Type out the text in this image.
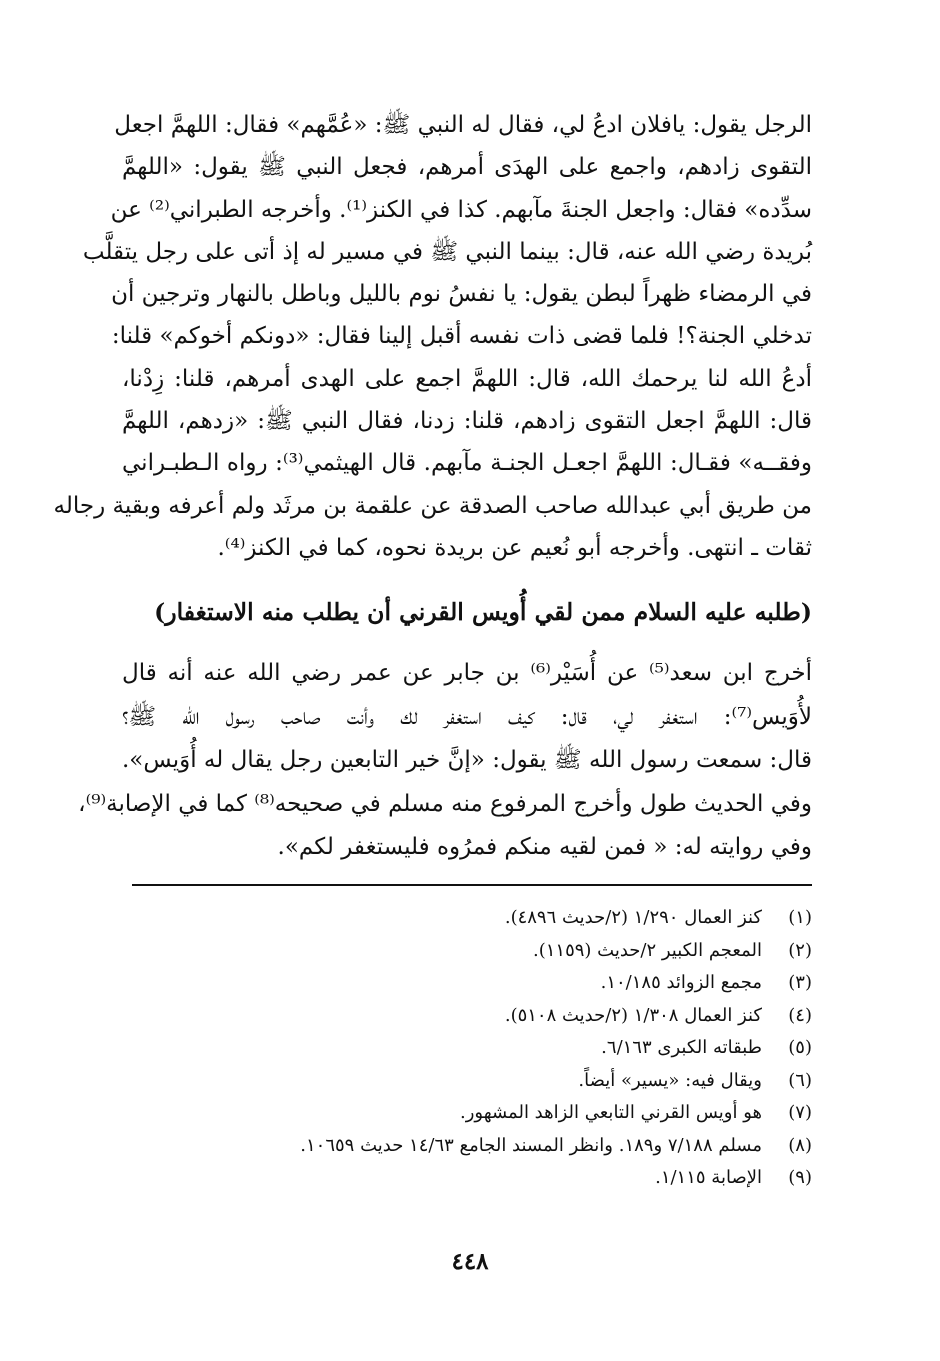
الرجل يقول: يافلان ادعُ لي، فقال له النبي ﷺ: «عُمَّهم» فقال: اللهمَّ اجعل
التقوى زادهم، واجمع على الهدَى أمرهم، فجعل النبي ﷺ يقول: «اللهمَّ
سدِّده» فقال: واجعل الجنةَ مآبهم. كذا في الكنز⁽¹⁾. وأخرجه الطبراني⁽²⁾ عن
بُريدة رضي الله عنه، قال: بينما النبي ﷺ في مسير له إذ أتى على رجل يتقلَّب
في الرمضاء ظهراً لبطن يقول: يا نفسُ نوم بالليل وباطل بالنهار وترجين أن
تدخلي الجنة؟! فلما قضى ذات نفسه أقبل إلينا فقال: «دونكم أخوكم» قلنا:
أدعُ الله لنا يرحمك الله، قال: اللهمَّ اجمع على الهدى أمرهم، قلنا: زِدْنا،
قال: اللهمَّ اجعل التقوى زادهم، قلنا: زدنا، فقال النبي ﷺ: «زدهم، اللهمَّ
وفقــه» فقـال: اللهمَّ اجعـل الجنـة مآبهم. قال الهيثمي⁽³⁾: رواه الـطبـراني
من طريق أبي عبدالله صاحب الصدقة عن علقمة بن مرثَد ولم أعرفه وبقية رجاله
ثقات ـ انتهى. وأخرجه أبو نُعيم عن بريدة نحوه، كما في الكنز⁽⁴⁾.
(طلبه عليه السلام ممن لقي أُويس القرني أن يطلب منه الاستغفار)
أخرج ابن سعد⁽⁵⁾ عن أُسَيْر⁽⁶⁾ بن جابر عن عمر رضي الله عنه أنه قال
لأُوَيس⁽⁷⁾: استغفر لي، قال: كيف استغفر لك وأنت صاحب رسول الله ﷺ؟
قال: سمعت رسول الله ﷺ يقول: «إنَّ خير التابعين رجل يقال له أُوَيس».
وفي الحديث طول وأخرج المرفوع منه مسلم في صحيحه⁽⁸⁾ كما في الإصابة⁽⁹⁾،
وفي روايته له: « فمن لقيه منكم فمرُوه فليستغفر لكم».
(١)
كنز العمال ١/٢٩٠ (٢/حديث ٤٨٩٦).
(٢)
المعجم الكبير ٢/حديث (١١٥٩).
(٣)
مجمع الزوائد ١٠/١٨٥.
(٤)
كنز العمال ١/٣٠٨ (٢/حديث ٥١٠٨).
(٥)
طبقاته الكبرى ٦/١٦٣.
(٦)
ويقال فيه: «يسير» أيضاً.
(٧)
هو أويس القرني التابعي الزاهد المشهور.
(٨)
مسلم ٧/١٨٨ و١٨٩. وانظر المسند الجامع ١٤/٦٣ حديث ١٠٦٥٩.
(٩)
الإصابة ١/١١٥.
٤٤٨
